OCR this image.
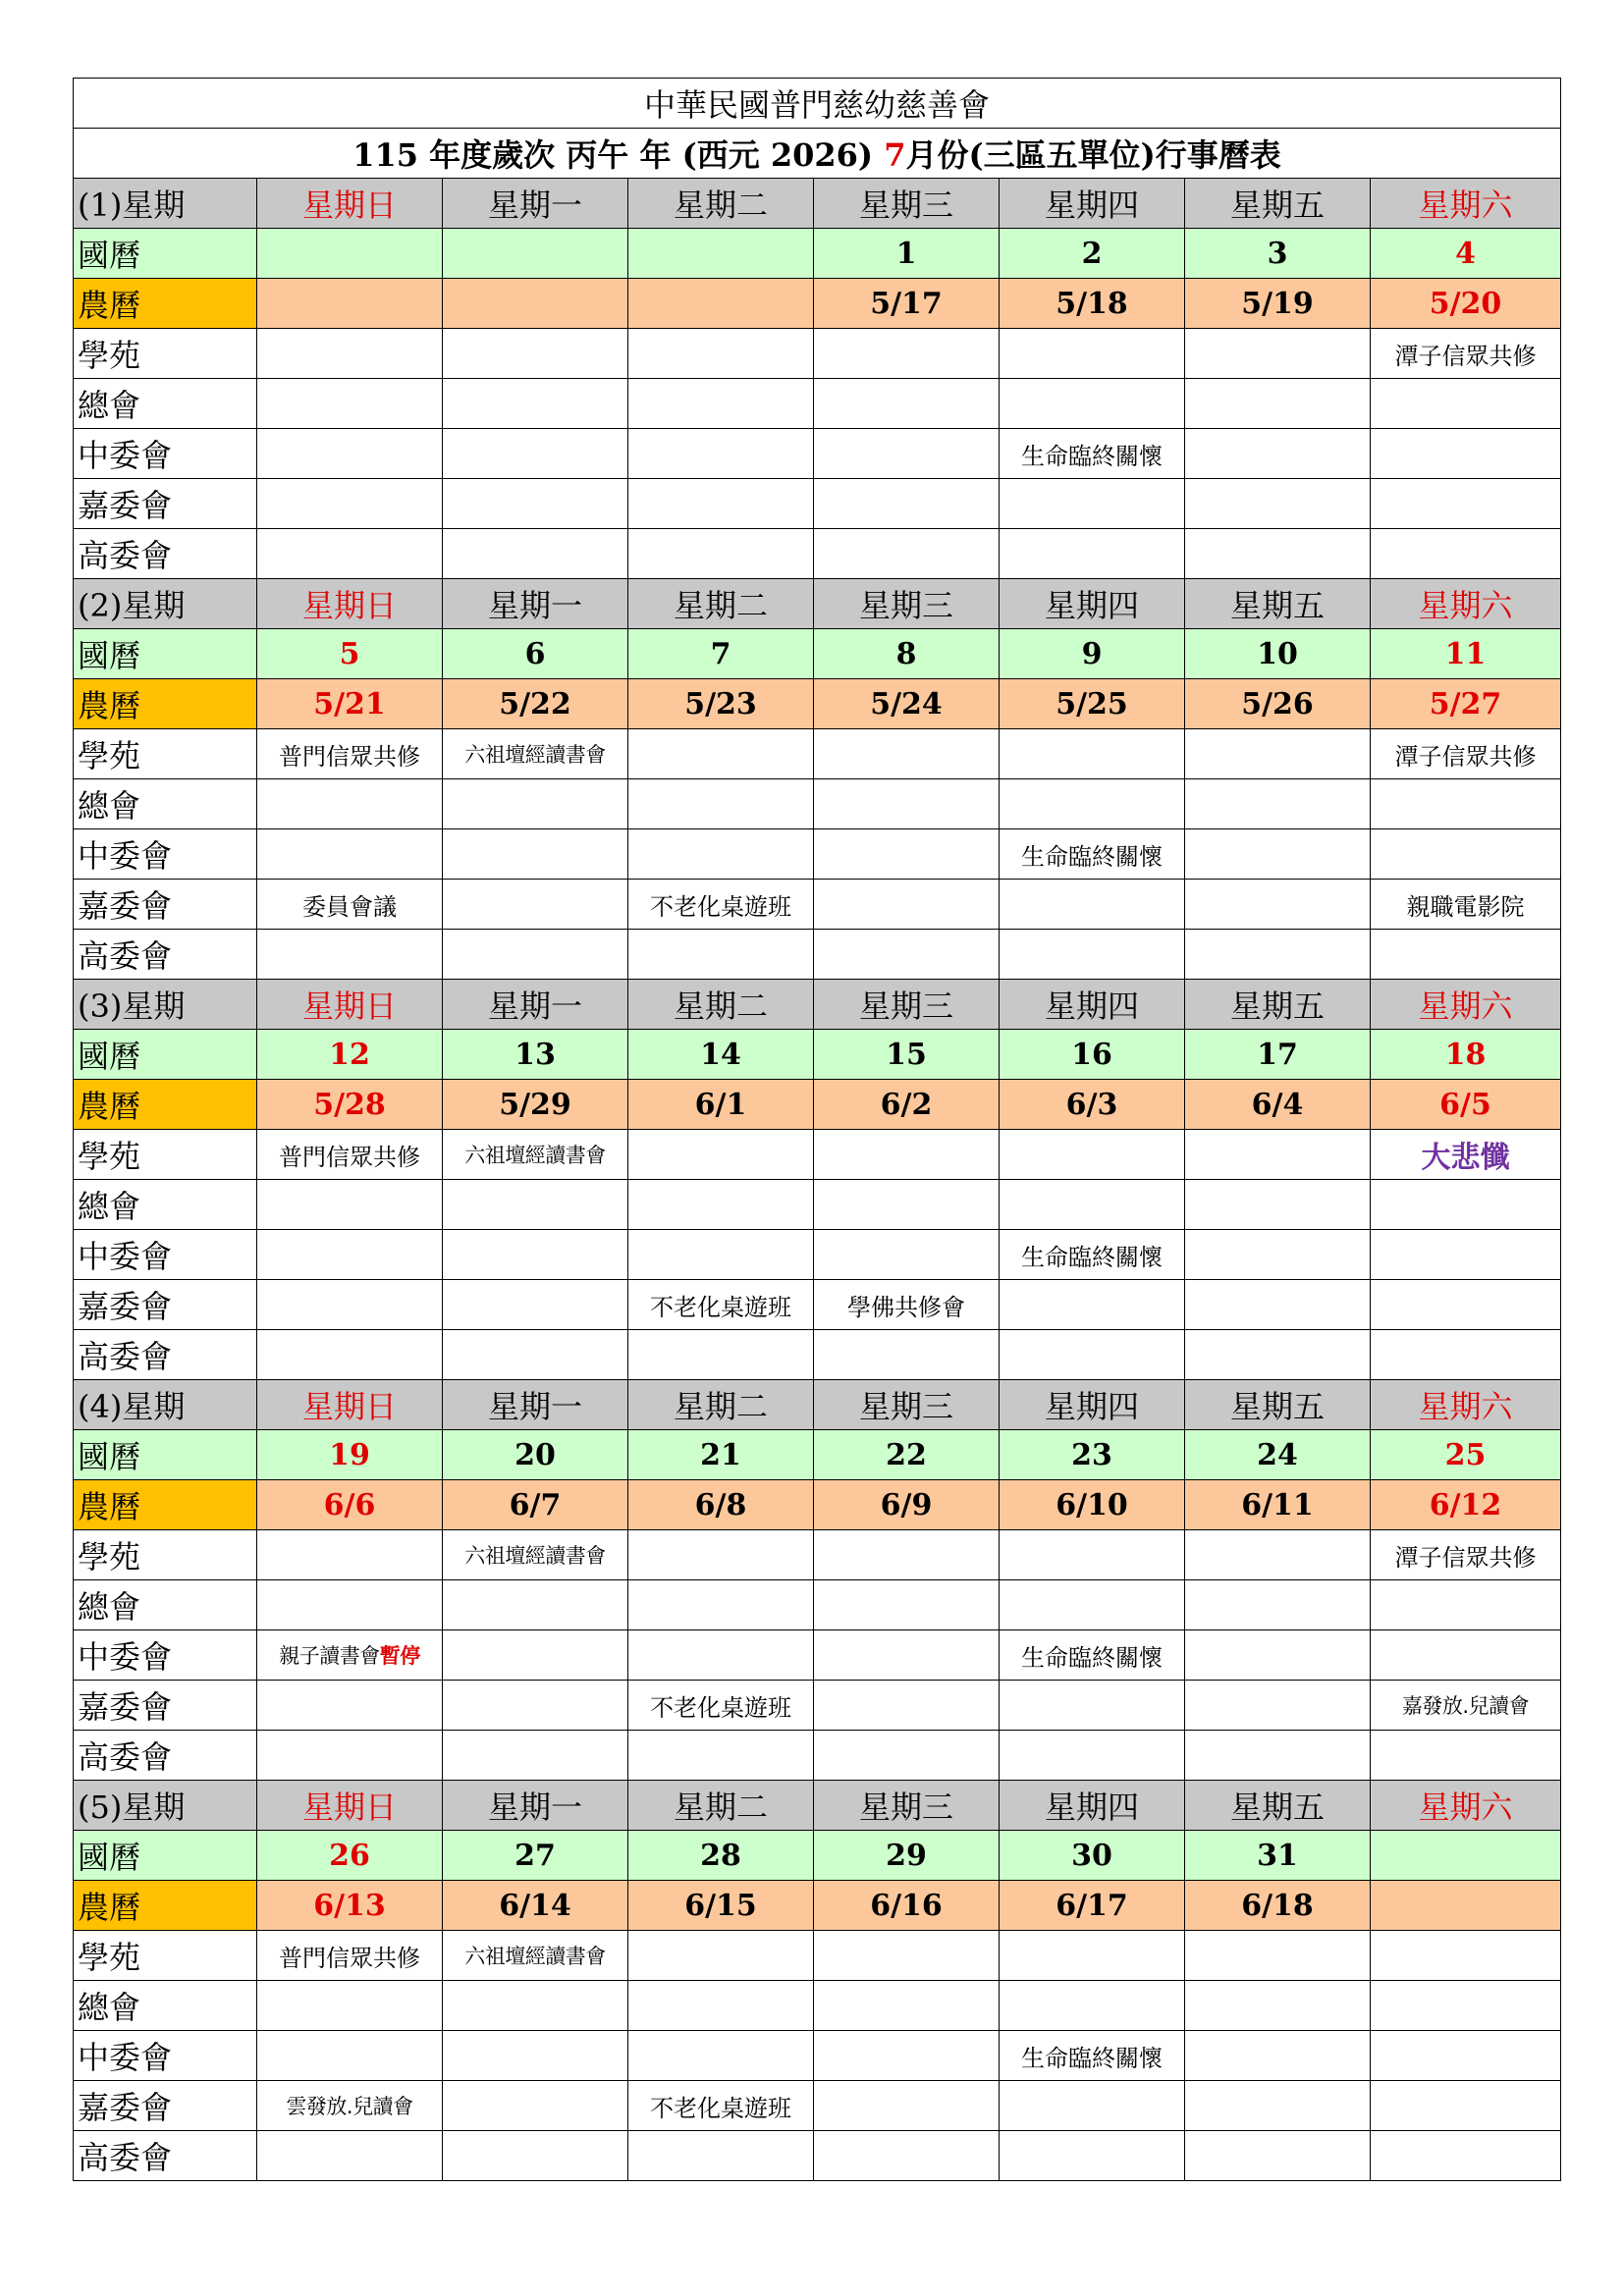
中華民國普門慈幼慈善會							
115 年度歲次 丙午 年 (西元 2026) 7月份(三區五單位)行事曆表							
(1)星期	星期日	星期一	星期二	星期三	星期四	星期五	星期六
國曆				1	2	3	4
農曆				5/17	5/18	5/19	5/20
學苑							潭子信眾共修
總會							
中委會					生命臨終關懷		
嘉委會							
高委會							
(2)星期	星期日	星期一	星期二	星期三	星期四	星期五	星期六
國曆	5	6	7	8	9	10	11
農曆	5/21	5/22	5/23	5/24	5/25	5/26	5/27
學苑	普門信眾共修	六祖壇經讀書會					潭子信眾共修
總會							
中委會					生命臨終關懷		
嘉委會	委員會議		不老化桌遊班				親職電影院
高委會							
(3)星期	星期日	星期一	星期二	星期三	星期四	星期五	星期六
國曆	12	13	14	15	16	17	18
農曆	5/28	5/29	6/1	6/2	6/3	6/4	6/5
學苑	普門信眾共修	六祖壇經讀書會					大悲懺
總會							
中委會					生命臨終關懷		
嘉委會			不老化桌遊班	學佛共修會			
高委會							
(4)星期	星期日	星期一	星期二	星期三	星期四	星期五	星期六
國曆	19	20	21	22	23	24	25
農曆	6/6	6/7	6/8	6/9	6/10	6/11	6/12
學苑		六祖壇經讀書會					潭子信眾共修
總會							
中委會	親子讀書會暫停				生命臨終關懷		
嘉委會			不老化桌遊班				嘉發放.兒讀會
高委會							
(5)星期	星期日	星期一	星期二	星期三	星期四	星期五	星期六
國曆	26	27	28	29	30	31	
農曆	6/13	6/14	6/15	6/16	6/17	6/18	
學苑	普門信眾共修	六祖壇經讀書會					
總會							
中委會					生命臨終關懷		
嘉委會	雲發放.兒讀會		不老化桌遊班				
高委會							
